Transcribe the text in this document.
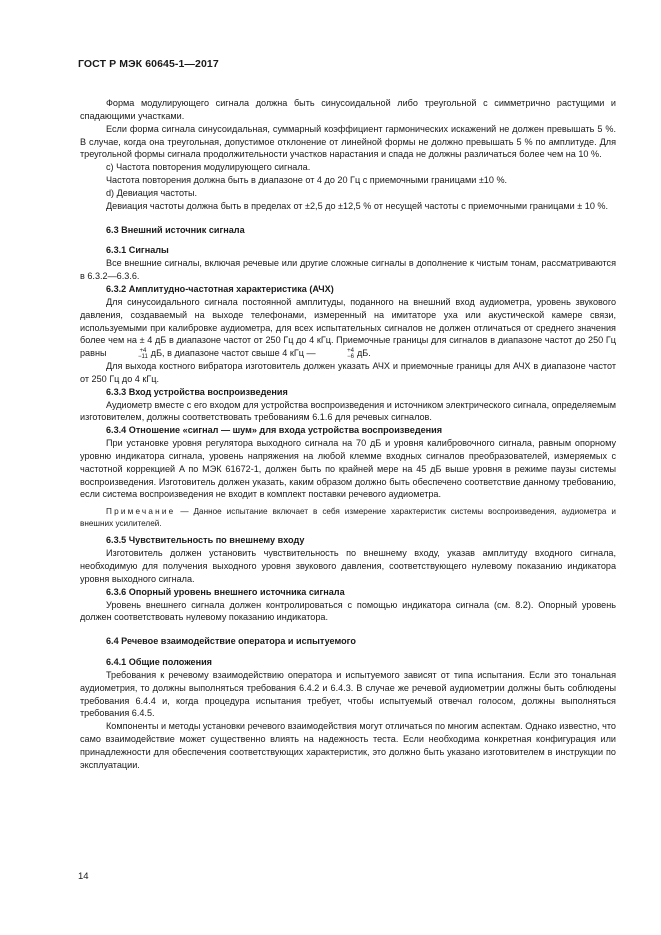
ГОСТ Р МЭК 60645-1—2017

Форма модулирующего сигнала должна быть синусоидальной либо треугольной с симметрично растущими и спадающими участками.

Если форма сигнала синусоидальная, суммарный коэффициент гармонических искажений не должен превышать 5 %. В случае, когда она треугольная, допустимое отклонение от линейной формы не должно превышать 5 % по амплитуде. Для треугольной формы сигнала продолжительности участков нарастания и спада не должны различаться более чем на 10 %.

c) Частота повторения модулирующего сигнала.

Частота повторения должна быть в диапазоне от 4 до 20 Гц с приемочными границами ±10 %.

d) Девиация частоты.

Девиация частоты должна быть в пределах от ±2,5 до ±12,5 % от несущей частоты с приемочными границами ± 10 %.

6.3 Внешний источник сигнала

6.3.1 Сигналы

Все внешние сигналы, включая речевые или другие сложные сигналы в дополнение к чистым тонам, рассматриваются в 6.3.2—6.3.6.

6.3.2 Амплитудно-частотная характеристика (АЧХ)

Для синусоидального сигнала постоянной амплитуды, поданного на внешний вход аудиометра, уровень звукового давления, создаваемый на выходе телефонами, измеренный на имитаторе уха или акустической камере связи, используемыми при калибровке аудиометра, для всех испытательных сигналов не должен отличаться от среднего значения более чем на ± 4 дБ в диапазоне частот от 250 Гц до 4 кГц. Приемочные границы для сигналов в диапазоне частот до 250 Гц равны	+4
−11 дБ, в диапазоне частот свыше 4 кГц —	+4
−6 дБ.

Для выхода костного вибратора изготовитель должен указать АЧХ и приемочные границы для АЧХ в диапазоне частот от 250 Гц до 4 кГц.

6.3.3 Вход устройства воспроизведения

Аудиометр вместе с его входом для устройства воспроизведения и источником электрического сигнала, определяемым изготовителем, должны соответствовать требованиям 6.1.6 для речевых сигналов.

6.3.4 Отношение «сигнал — шум» для входа устройства воспроизведения

При установке уровня регулятора выходного сигнала на 70 дБ и уровня калибровочного сигнала, равным опорному уровню индикатора сигнала, уровень напряжения на любой клемме входных сигналов преобразователей, измеряемых с частотной коррекцией A по МЭК 61672-1, должен быть по крайней мере на 45 дБ выше уровня в режиме паузы системы воспроизведения. Изготовитель должен указать, каким образом должно быть обеспечено соответствие данному требованию, если система воспроизведения не входит в комплект поставки речевого аудиометра.

Примечание — Данное испытание включает в себя измерение характеристик системы воспроизведения, аудиометра и внешних усилителей.

6.3.5 Чувствительность по внешнему входу

Изготовитель должен установить чувствительность по внешнему входу, указав амплитуду входного сигнала, необходимую для получения выходного уровня звукового давления, соответствующего нулевому показанию индикатора уровня выходного сигнала.

6.3.6 Опорный уровень внешнего источника сигнала

Уровень внешнего сигнала должен контролироваться с помощью индикатора сигнала (см. 8.2). Опорный уровень должен соответствовать нулевому показанию индикатора.

6.4 Речевое взаимодействие оператора и испытуемого

6.4.1 Общие положения

Требования к речевому взаимодействию оператора и испытуемого зависят от типа испытания. Если это тональная аудиометрия, то должны выполняться требования 6.4.2 и 6.4.3. В случае же речевой аудиометрии должны быть соблюдены требования 6.4.4 и, когда процедура испытания требует, чтобы испытуемый отвечал голосом, должны выполняться требования 6.4.5.

Компоненты и методы установки речевого взаимодействия могут отличаться по многим аспектам. Однако известно, что само взаимодействие может существенно влиять на надежность теста. Если необходима конкретная конфигурация или принадлежности для обеспечения соответствующих характеристик, это должно быть указано изготовителем в инструкции по эксплуатации.

14
